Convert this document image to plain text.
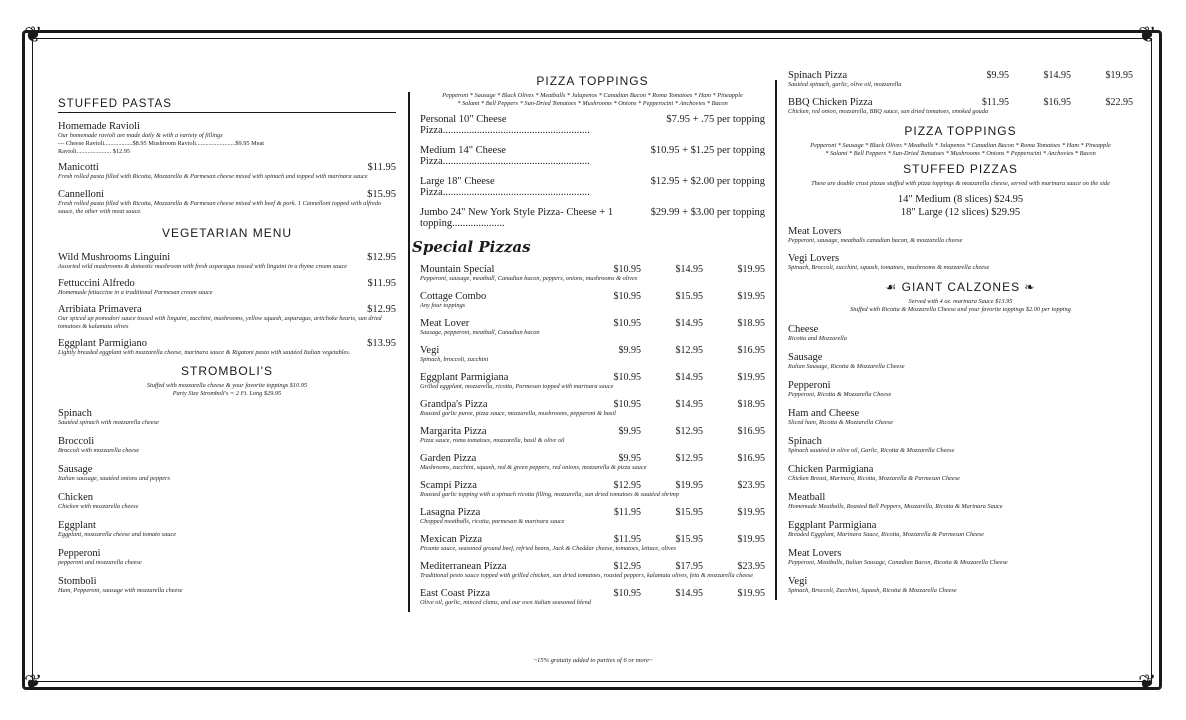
❦	❦
❦	❦
STUFFED PASTAS
Homemade Ravioli
Our homemade ravioli are made daily & with a variety of fillings
— Cheese Ravioli..................$8.95 Mushroom Ravioli.........................$9.95 Meat
Ravioli...................... $12.95
Manicotti	$11.95
Fresh rolled pasta filled with Ricotta, Mozzarella & Parmesan cheese mixed with spinach and topped with marinara sauce
Cannelloni	$15.95
Fresh rolled pasta filled with Ricotta, Mozzarella & Parmesan cheese mixed with beef & pork. 1 Cannelloni topped with alfredo sauce, the other with meat sauce.
VEGETARIAN MENU
Wild Mushrooms Linguini	$12.95
Assorted wild mushrooms & domestic mushroom with fresh asparagus tossed with linguini in a thyme cream sauce
Fettuccini Alfredo	$11.95
Homemade fettuccine in a traditional Parmesan cream sauce
Arribiata Primavera	$12.95
Our spiced up pomodori sauce tossed with linguini, zucchini, mushrooms, yellow squash, asparagus, artichoke hearts, sun dried tomatoes & kalamata olives
Eggplant Parmigiano	$13.95
Lightly breaded eggplant with mozzarella cheese, marinara sauce & Rigatoni pasta with sautéed Italian vegetables.
STROMBOLI'S
Stuffed with mozzarella cheese & your favorite toppings $10.95
Party Size Stromboli's = 2 Ft. Long $29.95
Spinach
Sautéed spinach with mozzarella cheese
Broccoli
Broccoli with mozzarella cheese
Sausage
Italian sausage, sautéed onions and peppers
Chicken
Chicken with mozzarella cheese
Eggplant
Eggplant, mozzarella cheese and tomato sauce
Pepperoni
pepperoni and mozzarella cheese
Stomboli
Ham, Pepperoni, sausage with mozzarella cheese
PIZZA TOPPINGS
Pepperoni * Sausage * Black Olives * Meatballs * Jalapenos * Canadian Bacon * Roma Tomatoes * Ham * Pineapple
* Salami * Bell Peppers * Sun-Dried Tomatoes * Mushrooms * Onions * Pepperocini * Anchovies * Bacon
Personal 10" Cheese Pizza........................................................
$7.95 + .75 per topping
Medium 14" Cheese Pizza........................................................
$10.95 + $1.25 per topping
Large 18" Cheese Pizza........................................................
$12.95 + $2.00 per topping
Jumbo 24" New York Style Pizza- Cheese + 1 topping....................
$29.99 + $3.00 per topping
Special Pizzas
Mountain Special	$10.95	$14.95	$19.95
Pepperoni, sausage, meatball, Canadian bacon, peppers, onions, mushrooms & olives
Cottage Combo	$10.95	$15.95	$19.95
Any four toppings
Meat Lover	$10.95	$14.95	$18.95
Sausage, pepperoni, meatball, Canadian bacon
Vegi	$9.95	$12.95	$16.95
Spinach, broccoli, zucchini
Eggplant Parmigiana	$10.95	$14.95	$19.95
Grilled eggplant, mozzarella, ricotta, Parmesan topped with marinara sauce
Grandpa's Pizza	$10.95	$14.95	$18.95
Roasted garlic puree, pizza sauce, mozzarella, mushrooms, pepperoni & basil
Margarita Pizza	$9.95	$12.95	$16.95
Pizza sauce, roma tomatoes, mozzarella, basil & olive oil
Garden Pizza	$9.95	$12.95	$16.95
Mushrooms, zucchini, squash, red & green peppers, red onions, mozzarella & pizza sauce
Scampi Pizza	$12.95	$19.95	$23.95
Roasted garlic topping with a spinach ricotta filling, mozzarella, sun dried tomatoes & sautéed shrimp
Lasagna Pizza	$11.95	$15.95	$19.95
Chopped meatballs, ricotta, parmesan & marinara sauce
Mexican Pizza	$11.95	$15.95	$19.95
Picante sauce, seasoned ground beef, refried beans, Jack & Cheddar cheese, tomatoes, lettuce, olives
Mediterranean Pizza	$12.95	$17.95	$23.95
Traditional pesto sauce topped with grilled chicken, sun dried tomatoes, roasted peppers, kalamata olives, feta & mozzarella cheese
East Coast Pizza	$10.95	$14.95	$19.95
Olive oil, garlic, minced clams, and our own italian seasoned blend
Spinach Pizza	$9.95	$14.95	$19.95
Sautéed spinach, garlic, olive oil, mozzarella
BBQ Chicken Pizza	$11.95	$16.95	$22.95
Chicken, red onion, mozzarella, BBQ sauce, sun dried tomatoes, smoked gouda
PIZZA TOPPINGS
Pepperoni * Sausage * Black Olives * Meatballs * Jalapenos * Canadian Bacon * Roma Tomatoes * Ham * Pineapple
* Salami * Bell Peppers * Sun-Dried Tomatoes * Mushrooms * Onions * Pepperocini * Anchovies * Bacon
STUFFED PIZZAS
These are double crust pizzas stuffed with pizza toppings & mozzarella cheese, served with marinara sauce on the side
14" Medium (8 slices) $24.95
18" Large (12 slices) $29.95
Meat Lovers
Pepperoni, sausage, meatballs canadian bacon, & mozzarella cheese
Vegi Lovers
Spinach, Broccoli, zucchini, squash, tomatoes, mushrooms & mozzarella cheese
☙ GIANT CALZONES ❧
Served with 4 oz. marinara Sauce $13.95
Stuffed with Ricotta & Mozzarella Cheese and your favorite toppings $2.00 per topping
Cheese
Ricotta and Mozzarella
Sausage
Italian Sausage, Ricotta & Mozzarella Cheese
Pepperoni
Pepperoni, Ricotta & Mozzarella Cheese
Ham and Cheese
Sliced ham, Ricotta & Mozzarella Cheese
Spinach
Spinach sautéed in olive oil, Garlic, Ricotta & Mozzarella Cheese
Chicken Parmigiana
Chicken Breast, Marinara, Ricotta, Mozzarella & Parmesan Cheese
Meatball
Homemade Meatballs, Roasted Bell Peppers, Mozzarella, Ricotta & Marinara Sauce
Eggplant Parmigiana
Breaded Eggplant, Marinara Sauce, Ricotta, Mozzarella & Parmesan Cheese
Meat Lovers
Pepperoni, Meatballs, Italian Sausage, Canadian Bacon, Ricotta & Mozzarella Cheese
Vegi
Spinach, Broccoli, Zucchini, Squash, Ricotta & Mozzarella Cheese
~15% gratuity added to parties of 6 or more~
